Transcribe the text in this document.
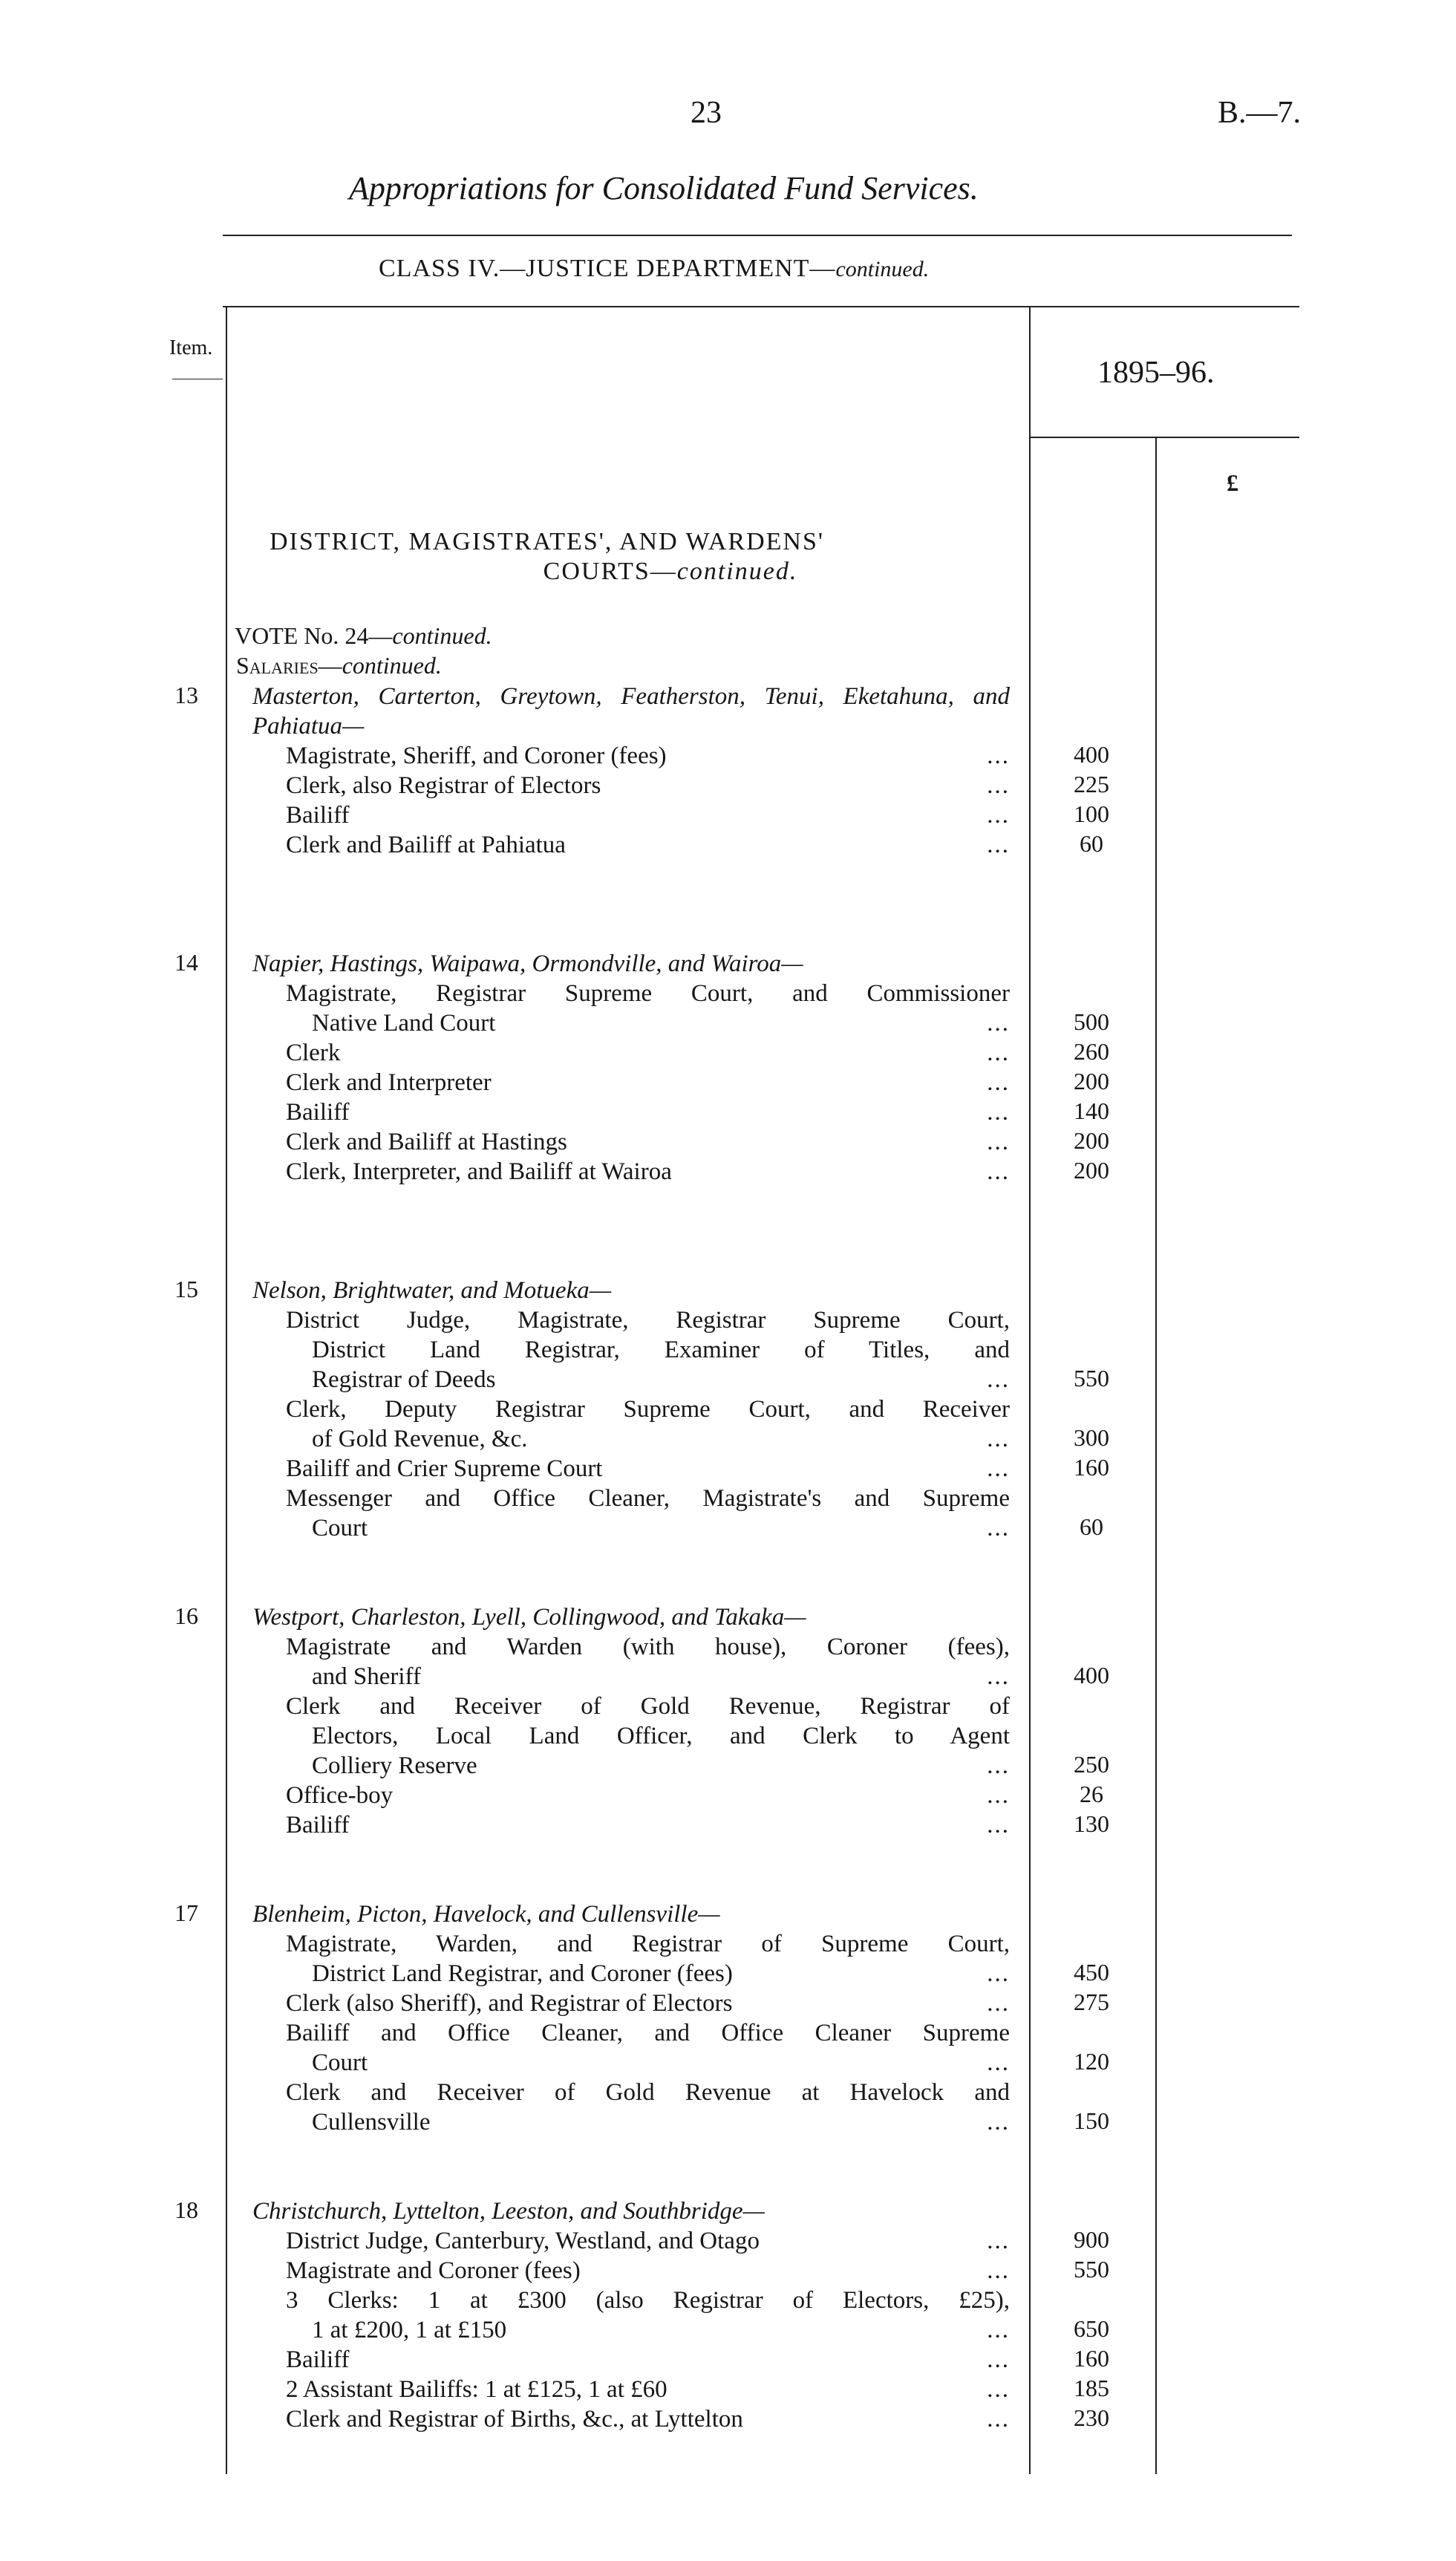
23	B.—7.
Appropriations for Consolidated Fund Services.
CLASS IV.—JUSTICE DEPARTMENT—continued.
Item.
1895–96.
£
DISTRICT, MAGISTRATES', AND WARDENS'
COURTS—continued.
VOTE No. 24—continued.
Salaries—continued.
13 Masterton, Carterton, Greytown, Featherston, Tenui, Eketahuna, and Pahiatua—
Magistrate, Sheriff, and Coroner (fees)	...	400
Clerk, also Registrar of Electors	...	225
Bailiff	...	100
Clerk and Bailiff at Pahiatua	...	60
14 Napier, Hastings, Waipawa, Ormondville, and Wairoa—
Magistrate, Registrar Supreme Court, and Commissioner
Native Land Court	...	500
Clerk	...	260
Clerk and Interpreter	...	200
Bailiff	...	140
Clerk and Bailiff at Hastings	...	200
Clerk, Interpreter, and Bailiff at Wairoa	...	200
15 Nelson, Brightwater, and Motueka—
District Judge, Magistrate, Registrar Supreme Court,
District Land Registrar, Examiner of Titles, and
Registrar of Deeds	...	550
Clerk, Deputy Registrar Supreme Court, and Receiver
of Gold Revenue, &c.	...	300
Bailiff and Crier Supreme Court	...	160
Messenger and Office Cleaner, Magistrate's and Supreme
Court	...	60
16 Westport, Charleston, Lyell, Collingwood, and Takaka—
Magistrate and Warden (with house), Coroner (fees),
and Sheriff	...	400
Clerk and Receiver of Gold Revenue, Registrar of
Electors, Local Land Officer, and Clerk to Agent
Colliery Reserve	...	250
Office-boy	...	26
Bailiff	...	130
17 Blenheim, Picton, Havelock, and Cullensville—
Magistrate, Warden, and Registrar of Supreme Court,
District Land Registrar, and Coroner (fees)	...	450
Clerk (also Sheriff), and Registrar of Electors	...	275
Bailiff and Office Cleaner, and Office Cleaner Supreme
Court	...	120
Clerk and Receiver of Gold Revenue at Havelock and
Cullensville	...	150
18 Christchurch, Lyttelton, Leeston, and Southbridge—
District Judge, Canterbury, Westland, and Otago	...	900
Magistrate and Coroner (fees)	...	550
3 Clerks: 1 at £300 (also Registrar of Electors, £25),
1 at £200, 1 at £150	...	650
Bailiff	...	160
2 Assistant Bailiffs: 1 at £125, 1 at £60	...	185
Clerk and Registrar of Births, &c., at Lyttelton	...	230
